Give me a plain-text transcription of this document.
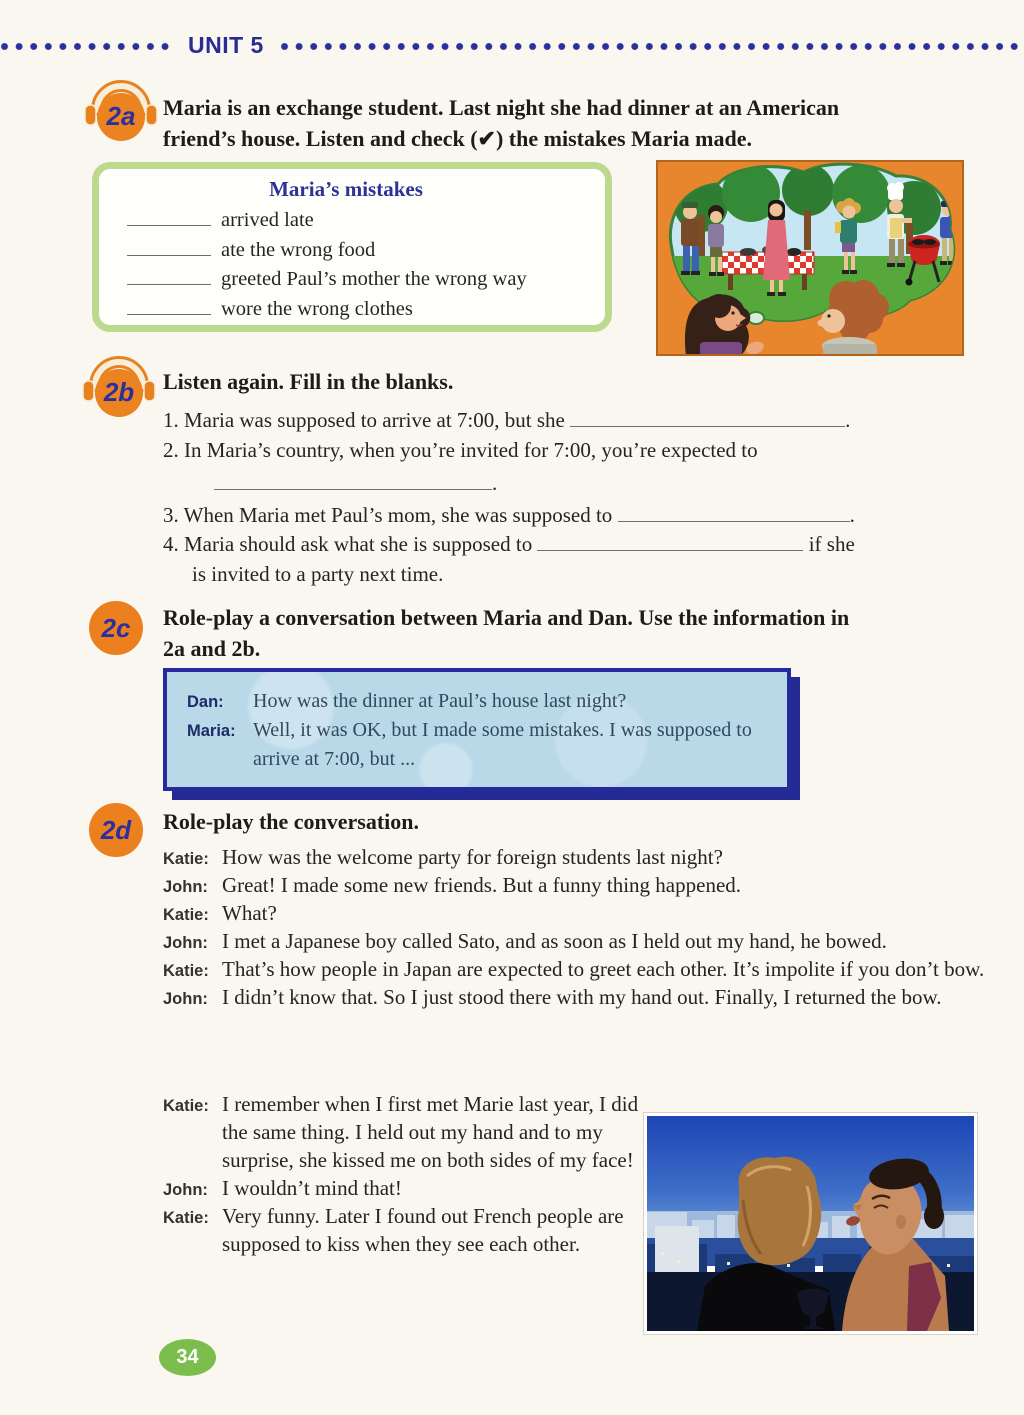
UNIT 5
2a Maria is an exchange student. Last night she had dinner at an American
friend’s house. Listen and check (✔) the mistakes Maria made.
Maria’s mistakes
arrived late
ate the wrong food
greeted Paul’s mother the wrong way
wore the wrong clothes
2b Listen again. Fill in the blanks.
1. Maria was supposed to arrive at 7:00, but she	.
2. In Maria’s country, when you’re invited for 7:00, you’re expected to
.
3. When Maria met Paul’s mom, she was supposed to	.
4. Maria should ask what she is supposed to	if she
is invited to a party next time.
2c Role-play a conversation between Maria and Dan. Use the information in
2a and 2b.
Dan:	How was the dinner at Paul’s house last night?
Maria: Well, it was OK, but I made some mistakes. I was supposed to arrive at 7:00, but ...
2d Role-play the conversation.
Katie: How was the welcome party for foreign students last night?
John: Great! I made some new friends. But a funny thing happened.
Katie: What?
John: I met a Japanese boy called Sato, and as soon as I held out my hand, he bowed.
Katie: That’s how people in Japan are expected to greet each other. It’s impolite if you don’t bow.
John: I didn’t know that. So I just stood there with my hand out. Finally, I returned the bow.
Katie: I remember when I first met Marie last year, I did the same thing. I held out my hand and to my surprise, she kissed me on both sides of my face!
John: I wouldn’t mind that!
Katie: Very funny. Later I found out French people are supposed to kiss when they see each other.
34
